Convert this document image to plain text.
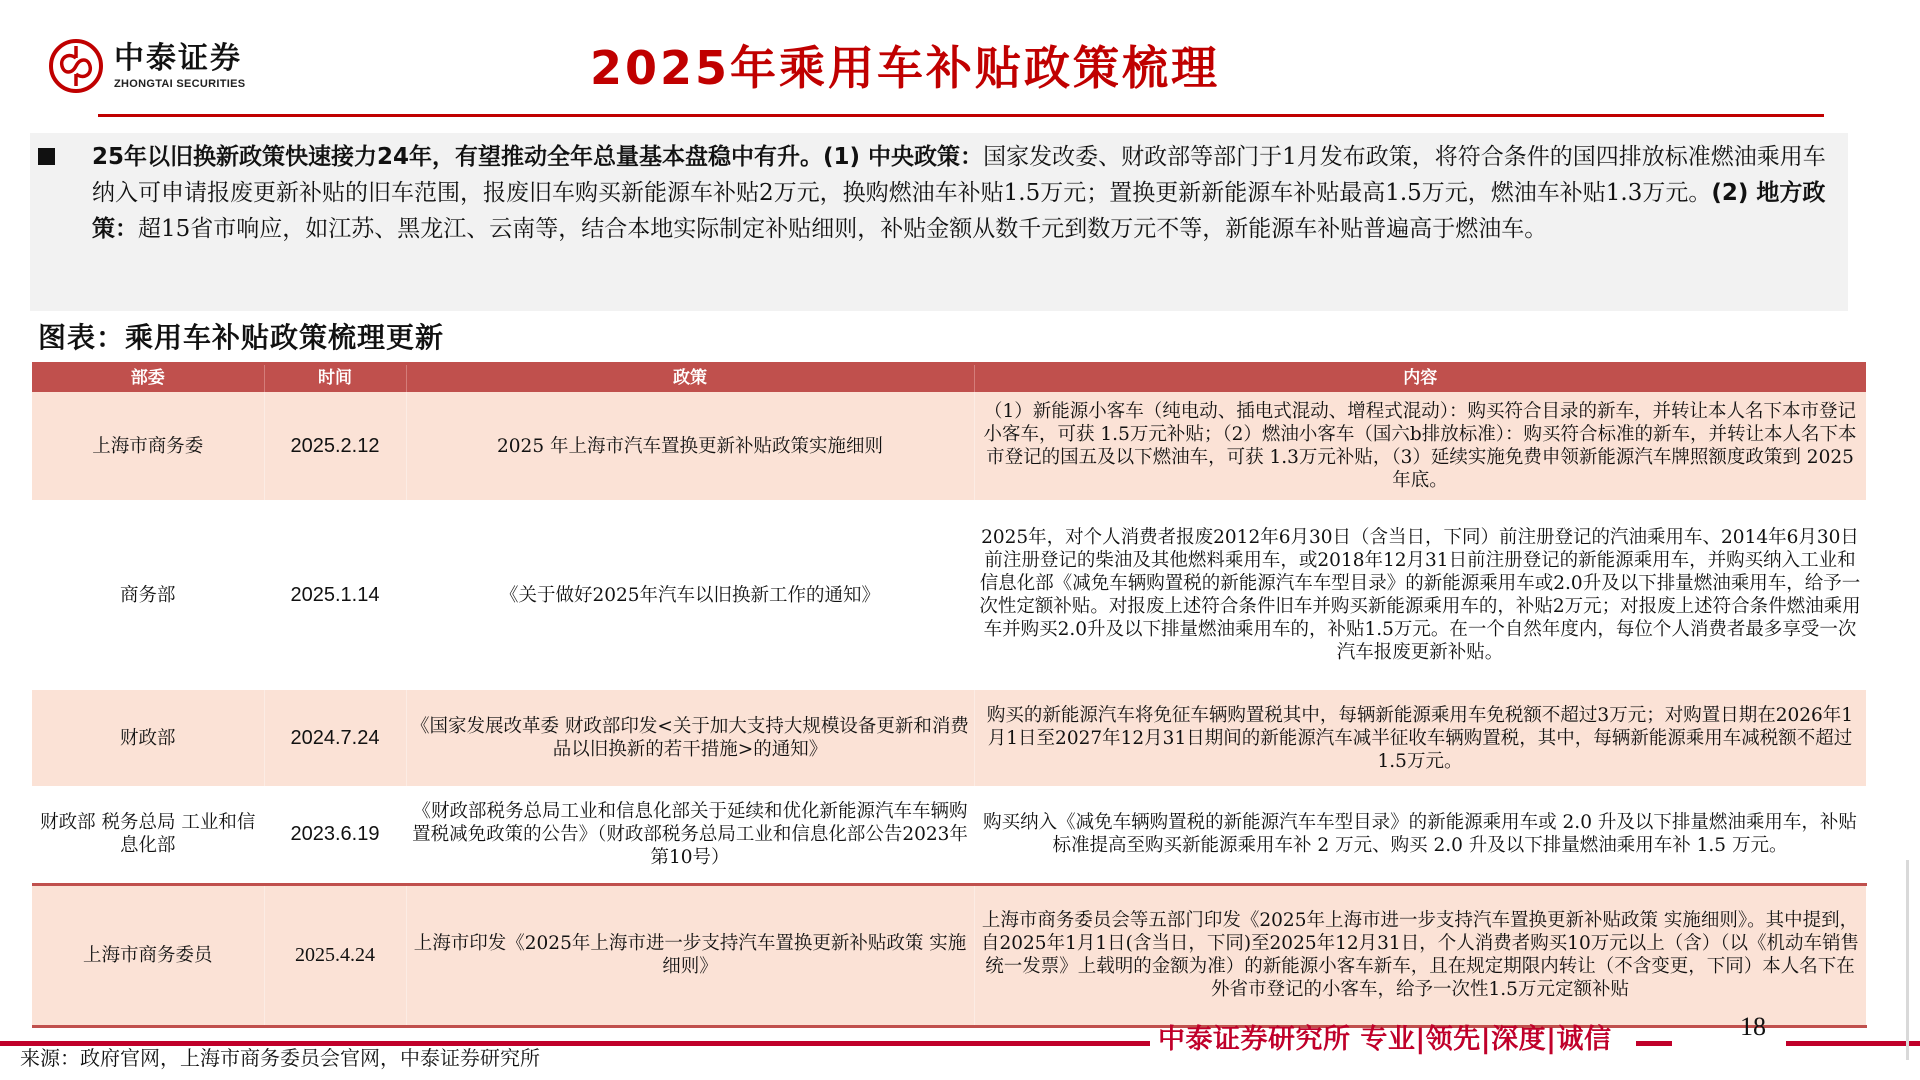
中泰证券
ZHONGTAI SECURITIES	2025年乘用车补贴政策梳理
25年以旧换新政策快速接力24年，有望推动全年总量基本盘稳中有升。(1) 中央政策：国家发改委、财政部等部门于1月发布政策，将符合条件的国四排放标准燃油乘用车纳入可申请报废更新补贴的旧车范围，报废旧车购买新能源车补贴2万元，换购燃油车补贴1.5万元；置换更新新能源车补贴最高1.5万元，燃油车补贴1.3万元。(2) 地方政策：超15省市响应，如江苏、黑龙江、云南等，结合本地实际制定补贴细则，补贴金额从数千元到数万元不等，新能源车补贴普遍高于燃油车。
图表：乘用车补贴政策梳理更新
部委	时间	政策	内容
上海市商务委	2025.2.12	2025 年上海市汽车置换更新补贴政策实施细则	（1）新能源小客车（纯电动、插电式混动、增程式混动）：购买符合目录的新车，并转让本人名下本市登记小客车，可获 1.5万元补贴；（2）燃油小客车（国六b排放标准）：购买符合标准的新车，并转让本人名下本市登记的国五及以下燃油车，可获 1.3万元补贴，（3）延续实施免费申领新能源汽车牌照额度政策到 2025 年底。
商务部	2025.1.14	《关于做好2025年汽车以旧换新工作的通知》	2025年，对个人消费者报废2012年6月30日（含当日，下同）前注册登记的汽油乘用车、2014年6月30日前注册登记的柴油及其他燃料乘用车，或2018年12月31日前注册登记的新能源乘用车，并购买纳入工业和信息化部《减免车辆购置税的新能源汽车车型目录》的新能源乘用车或2.0升及以下排量燃油乘用车，给予一次性定额补贴。对报废上述符合条件旧车并购买新能源乘用车的，补贴2万元；对报废上述符合条件燃油乘用车并购买2.0升及以下排量燃油乘用车的，补贴1.5万元。在一个自然年度内，每位个人消费者最多享受一次汽车报废更新补贴。
财政部	2024.7.24	《国家发展改革委 财政部印发<关于加大支持大规模设备更新和消费品以旧换新的若干措施>的通知》	购买的新能源汽车将免征车辆购置税其中，每辆新能源乘用车免税额不超过3万元；对购置日期在2026年1月1日至2027年12月31日期间的新能源汽车减半征收车辆购置税，其中，每辆新能源乘用车减税额不超过1.5万元。
财政部 税务总局 工业和信息化部	2023.6.19	《财政部税务总局工业和信息化部关于延续和优化新能源汽车车辆购置税减免政策的公告》（财政部税务总局工业和信息化部公告2023年第10号）	购买纳入《减免车辆购置税的新能源汽车车型目录》的新能源乘用车或 2.0 升及以下排量燃油乘用车，补贴标准提高至购买新能源乘用车补 2 万元、购买 2.0 升及以下排量燃油乘用车补 1.5 万元。
上海市商务委员	2025.4.24	上海市印发《2025年上海市进一步支持汽车置换更新补贴政策 实施细则》	上海市商务委员会等五部门印发《2025年上海市进一步支持汽车置换更新补贴政策 实施细则》。其中提到，自2025年1月1日(含当日，下同)至2025年12月31日，个人消费者购买10万元以上（含）（以《机动车销售统一发票》上载明的金额为准）的新能源小客车新车，且在规定期限内转让（不含变更，下同）本人名下在外省市登记的小客车，给予一次性1.5万元定额补贴
中泰证券研究所 专业|领先|深度|诚信	18
来源：政府官网，上海市商务委员会官网，中泰证券研究所
